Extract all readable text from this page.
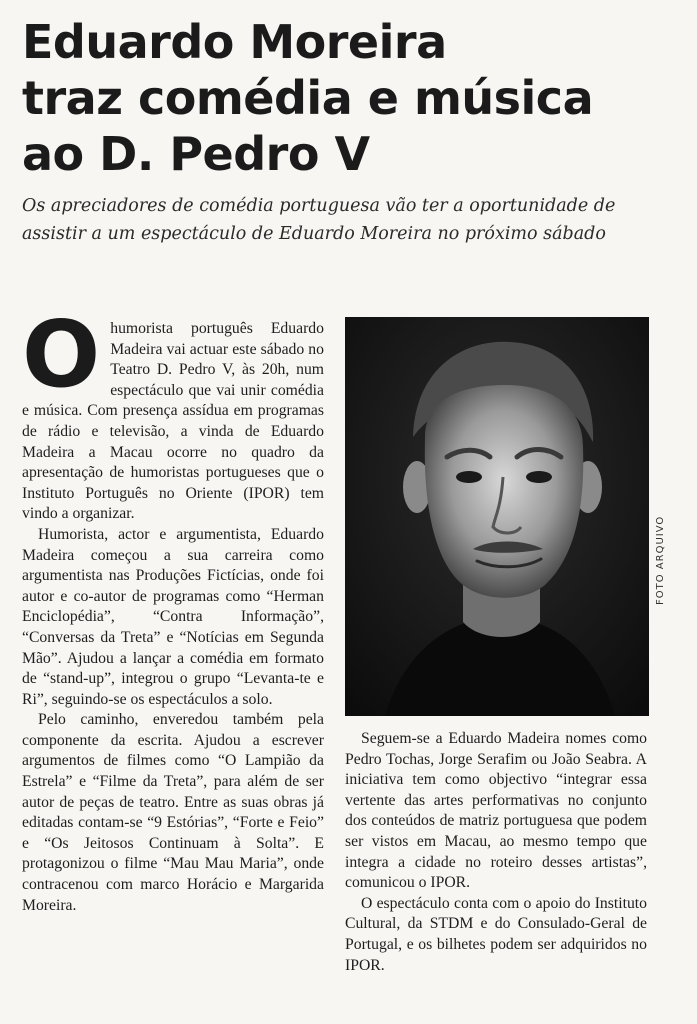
Eduardo Moreira
traz comédia e música
ao D. Pedro V

Os apreciadores de comédia portuguesa vão ter a oportunidade de
assistir a um espectáculo de Eduardo Moreira no próximo sábado

Ohumorista português Eduardo Madeira vai actuar este sábado no Teatro D. Pedro V, às 20h, num espectáculo que vai unir comédia e música. Com presença assídua em programas de rádio e televisão, a vinda de Eduardo Madeira a Macau ocorre no quadro da apresentação de humoristas portugueses que o Instituto Português no Oriente (IPOR) tem vindo a organizar.

Humorista, actor e argumentista, Eduardo Madeira começou a sua carreira como argumentista nas Produções Fictícias, onde foi autor e co-autor de programas como “Herman Enciclopédia”, “Contra Informação”, “Conversas da Treta” e “Notícias em Segunda Mão”. Ajudou a lançar a comédia em formato de “stand-up”, integrou o grupo “Levanta-te e Ri”, seguindo-se os espectáculos a solo.

Pelo caminho, enveredou também pela componente da escrita. Ajudou a escrever argumentos de filmes como “O Lampião da Estrela” e “Filme da Treta”, para além de ser autor de peças de teatro. Entre as suas obras já editadas contam-se “9 Estórias”, “Forte e Feio” e “Os Jeitosos Continuam à Solta”. E protagonizou o filme “Mau Mau Maria”, onde contracenou com marco Horácio e Margarida Moreira.

FOTO ARQUIVO

Seguem-se a Eduardo Madeira nomes como Pedro Tochas, Jorge Serafim ou João Seabra. A iniciativa tem como objectivo “integrar essa vertente das artes performativas no conjunto dos conteúdos de matriz portuguesa que podem ser vistos em Macau, ao mesmo tempo que integra a cidade no roteiro desses artistas”, comunicou o IPOR.

O espectáculo conta com o apoio do Instituto Cultural, da STDM e do Consulado-Geral de Portugal, e os bilhetes podem ser adquiridos no IPOR.
